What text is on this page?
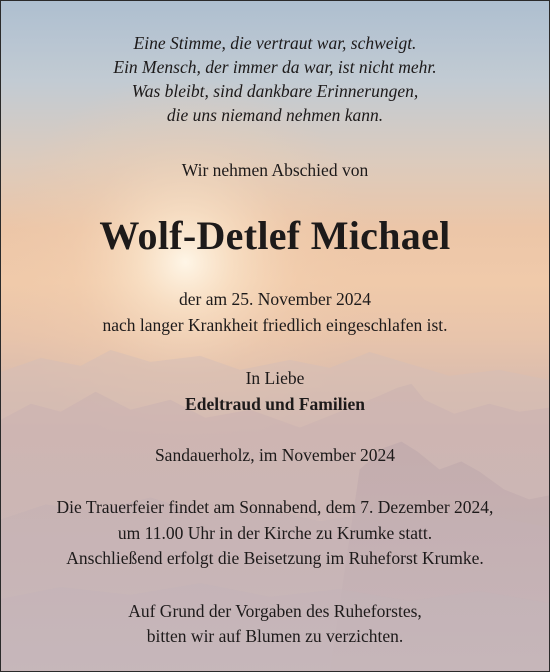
Eine Stimme, die vertraut war, schweigt.
Ein Mensch, der immer da war, ist nicht mehr.
Was bleibt, sind dankbare Erinnerungen,
die uns niemand nehmen kann.
Wir nehmen Abschied von
Wolf-Detlef Michael
der am 25. November 2024
nach langer Krankheit friedlich eingeschlafen ist.
In Liebe
Edeltraud und Familien
Sandauerholz, im November 2024
Die Trauerfeier findet am Sonnabend, dem 7. Dezember 2024,
um 11.00 Uhr in der Kirche zu Krumke statt.
Anschließend erfolgt die Beisetzung im Ruheforst Krumke.
Auf Grund der Vorgaben des Ruheforstes,
bitten wir auf Blumen zu verzichten.
